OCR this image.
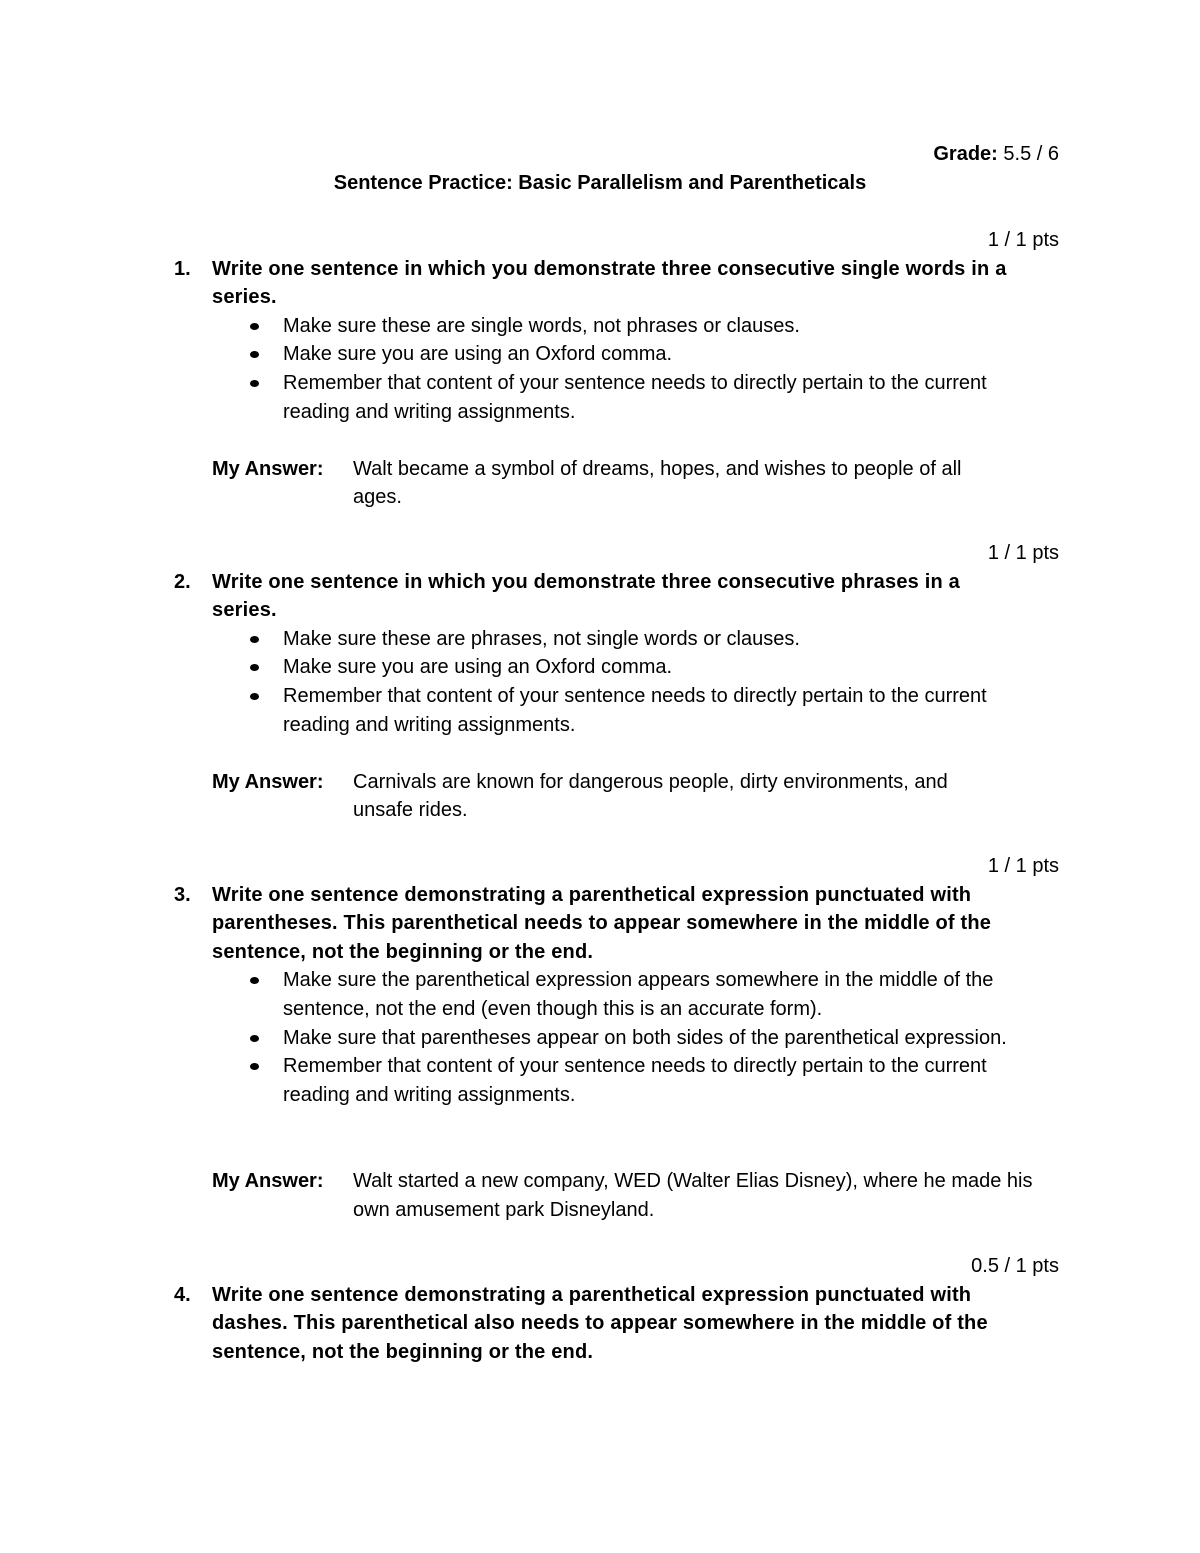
Grade: 5.5 / 6
Sentence Practice: Basic Parallelism and Parentheticals
1 / 1 pts
1. Write one sentence in which you demonstrate three consecutive single words in a series.
Make sure these are single words, not phrases or clauses.
Make sure you are using an Oxford comma.
Remember that content of your sentence needs to directly pertain to the current reading and writing assignments.
My Answer: Walt became a symbol of dreams, hopes, and wishes to people of all ages.
1 / 1 pts
2. Write one sentence in which you demonstrate three consecutive phrases in a series.
Make sure these are phrases, not single words or clauses.
Make sure you are using an Oxford comma.
Remember that content of your sentence needs to directly pertain to the current reading and writing assignments.
My Answer: Carnivals are known for dangerous people, dirty environments, and unsafe rides.
1 / 1 pts
3. Write one sentence demonstrating a parenthetical expression punctuated with parentheses. This parenthetical needs to appear somewhere in the middle of the sentence, not the beginning or the end.
Make sure the parenthetical expression appears somewhere in the middle of the sentence, not the end (even though this is an accurate form).
Make sure that parentheses appear on both sides of the parenthetical expression.
Remember that content of your sentence needs to directly pertain to the current reading and writing assignments.
My Answer: Walt started a new company, WED (Walter Elias Disney), where he made his own amusement park Disneyland.
0.5 / 1 pts
4. Write one sentence demonstrating a parenthetical expression punctuated with dashes. This parenthetical also needs to appear somewhere in the middle of the sentence, not the beginning or the end.
